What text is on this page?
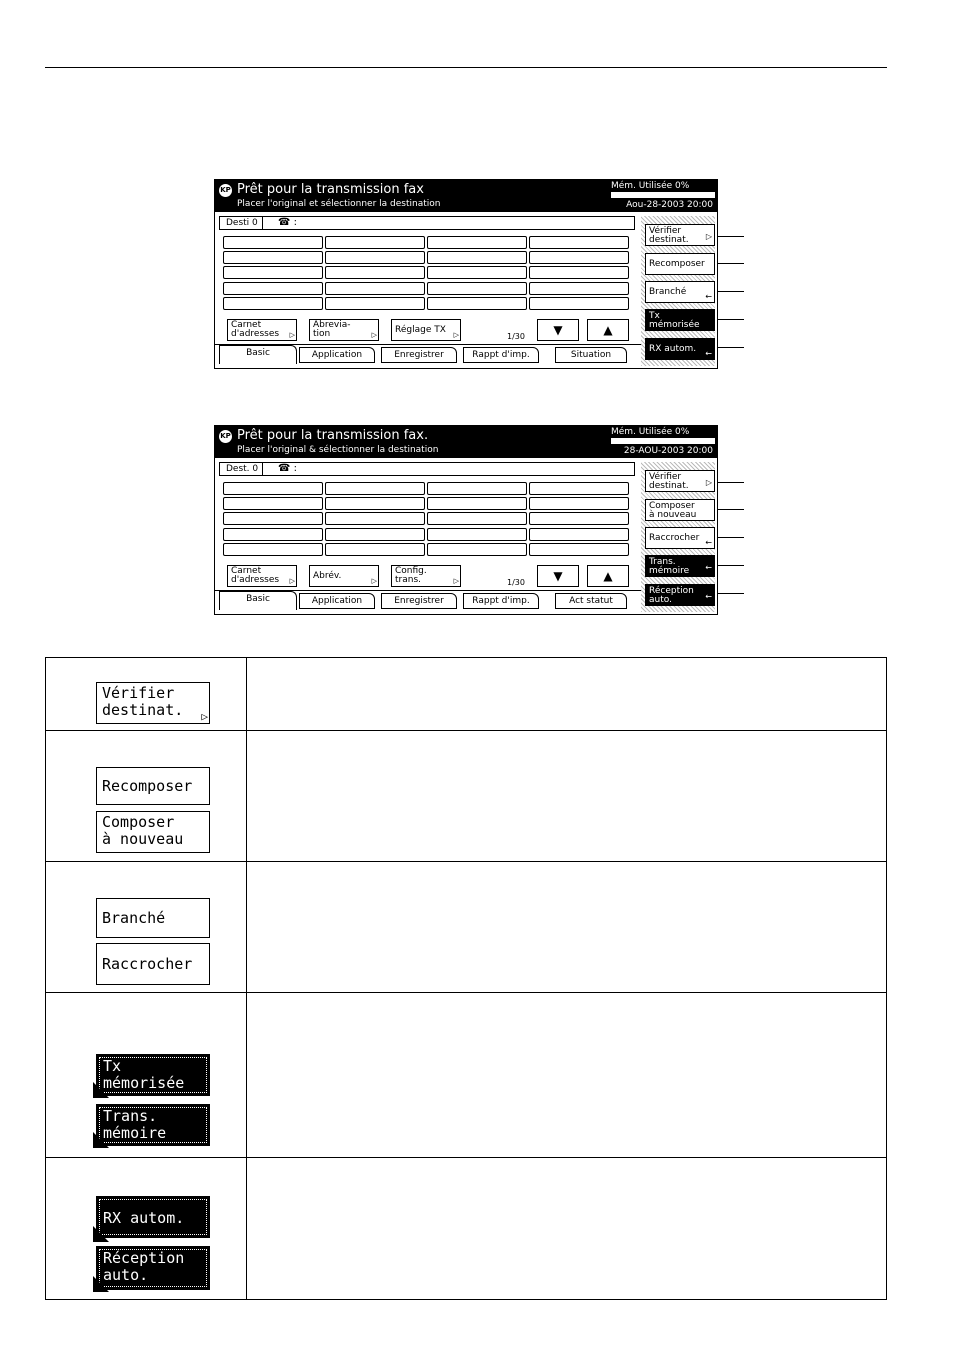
KP Prêt pour la transmission fax
Placer l'original et sélectionner la destination
Mém. Utilisée 0%
Aou-28-2003 20:00
Desti 0	☎ :
Carnet
d'adresses ▷
Abrevia-
tion ▷	Réglage TX ▷
1/30	▼	▲
Basic	Application	Enregistrer	Rappt d'imp.	Situation
Vérifier
destinat. ▷
Recomposer
Branché ←
Tx
mémorisée
RX autom. ←
KP Prêt pour la transmission fax.
Placer l'original & sélectionner la destination
Mém. Utilisée 0%
28-AOU-2003 20:00
Dest. 0	☎ :
Carnet
d'adresses ▷	Abrév. ▷	Config.
trans. ▷	1/30	▼	▲
Basic	Application	Enregistrer	Rappt d'imp.	Act statut
Vérifier
destinat. ▷
Composer
à nouveau
Raccrocher ←
Trans.
mémoire ←
Réception
auto.	←
Vérifier
destinat. ▷
Recomposer
Composer
à nouveau
Branché
Raccrocher
Tx
mémorisée
Trans.
mémoire
RX autom.
Réception
auto.
